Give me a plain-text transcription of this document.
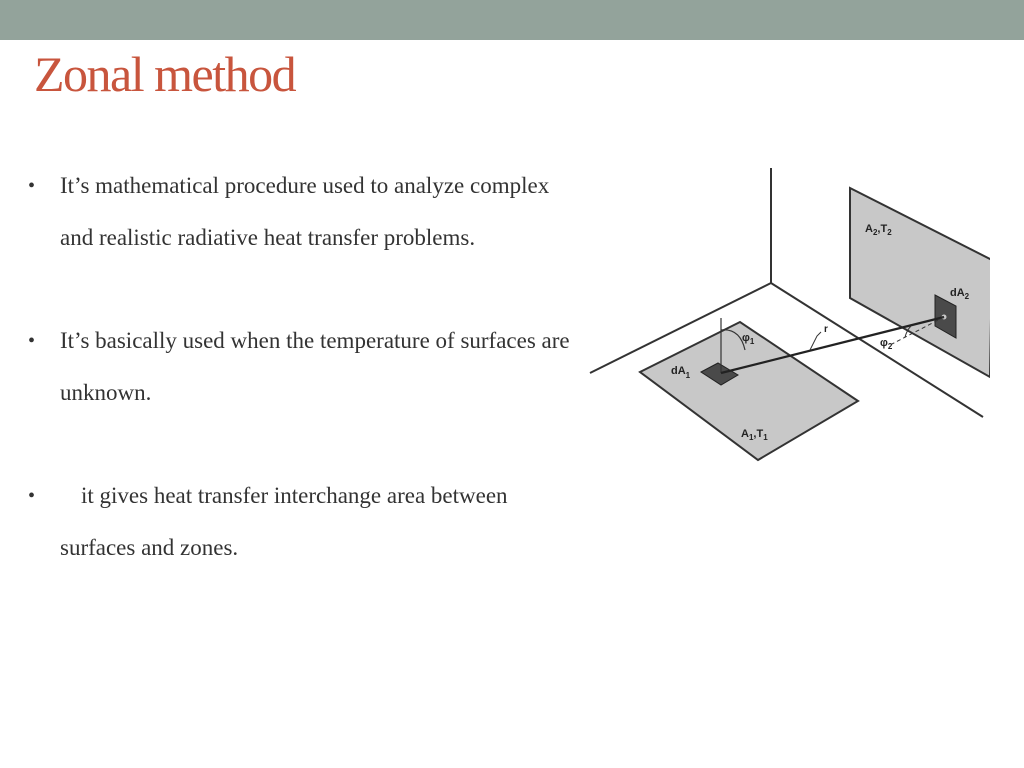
Zonal method
• It’s mathematical procedure used to analyze complex and realistic radiative heat transfer problems.
• It’s basically used when the temperature of surfaces are unknown.
• it gives heat transfer interchange area between surfaces and zones.
$A_2,T_2$
$dA_2$
$dA_1$
$A_1,T_1$
$\varphi_1$	$\varphi_2$
r
